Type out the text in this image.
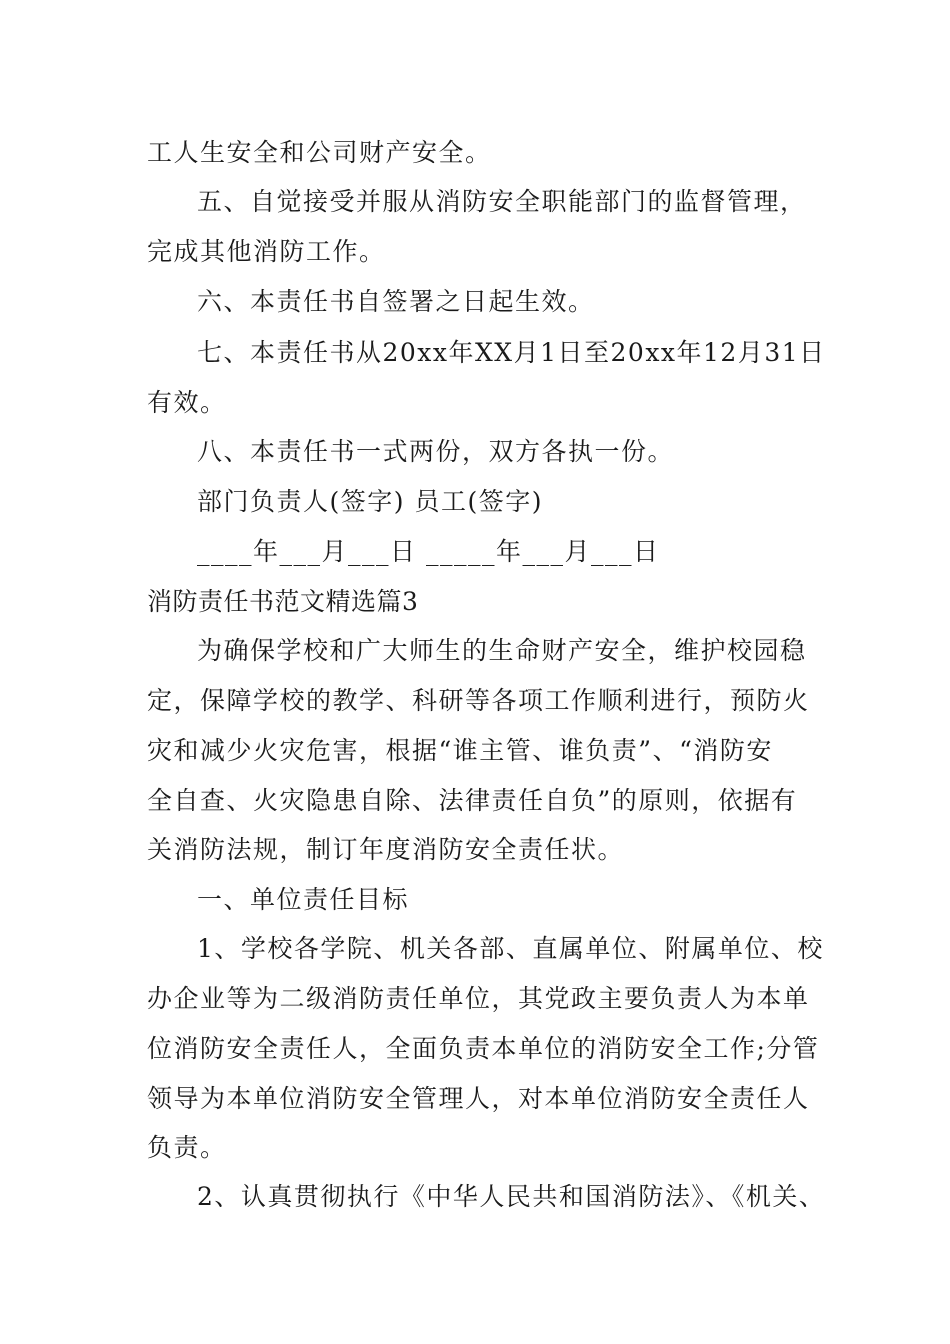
工人生安全和公司财产安全。
五、自觉接受并服从消防安全职能部门的监督管理，
完成其他消防工作。
六、本责任书自签署之日起生效。
七、本责任书从20xx年XX月1日至20xx年12月31日
有效。
八、本责任书一式两份，双方各执一份。
部门负责人(签字) 员工(签字)
____年___月___日 _____年___月___日
消防责任书范文精选篇3
为确保学校和广大师生的生命财产安全，维护校园稳
定，保障学校的教学、科研等各项工作顺利进行，预防火
灾和减少火灾危害，根据“谁主管、谁负责”、“消防安
全自查、火灾隐患自除、法律责任自负”的原则，依据有
关消防法规，制订年度消防安全责任状。
一、单位责任目标
1、学校各学院、机关各部、直属单位、附属单位、校
办企业等为二级消防责任单位，其党政主要负责人为本单
位消防安全责任人，全面负责本单位的消防安全工作;分管
领导为本单位消防安全管理人，对本单位消防安全责任人
负责。
2、认真贯彻执行《中华人民共和国消防法》、《机关、
